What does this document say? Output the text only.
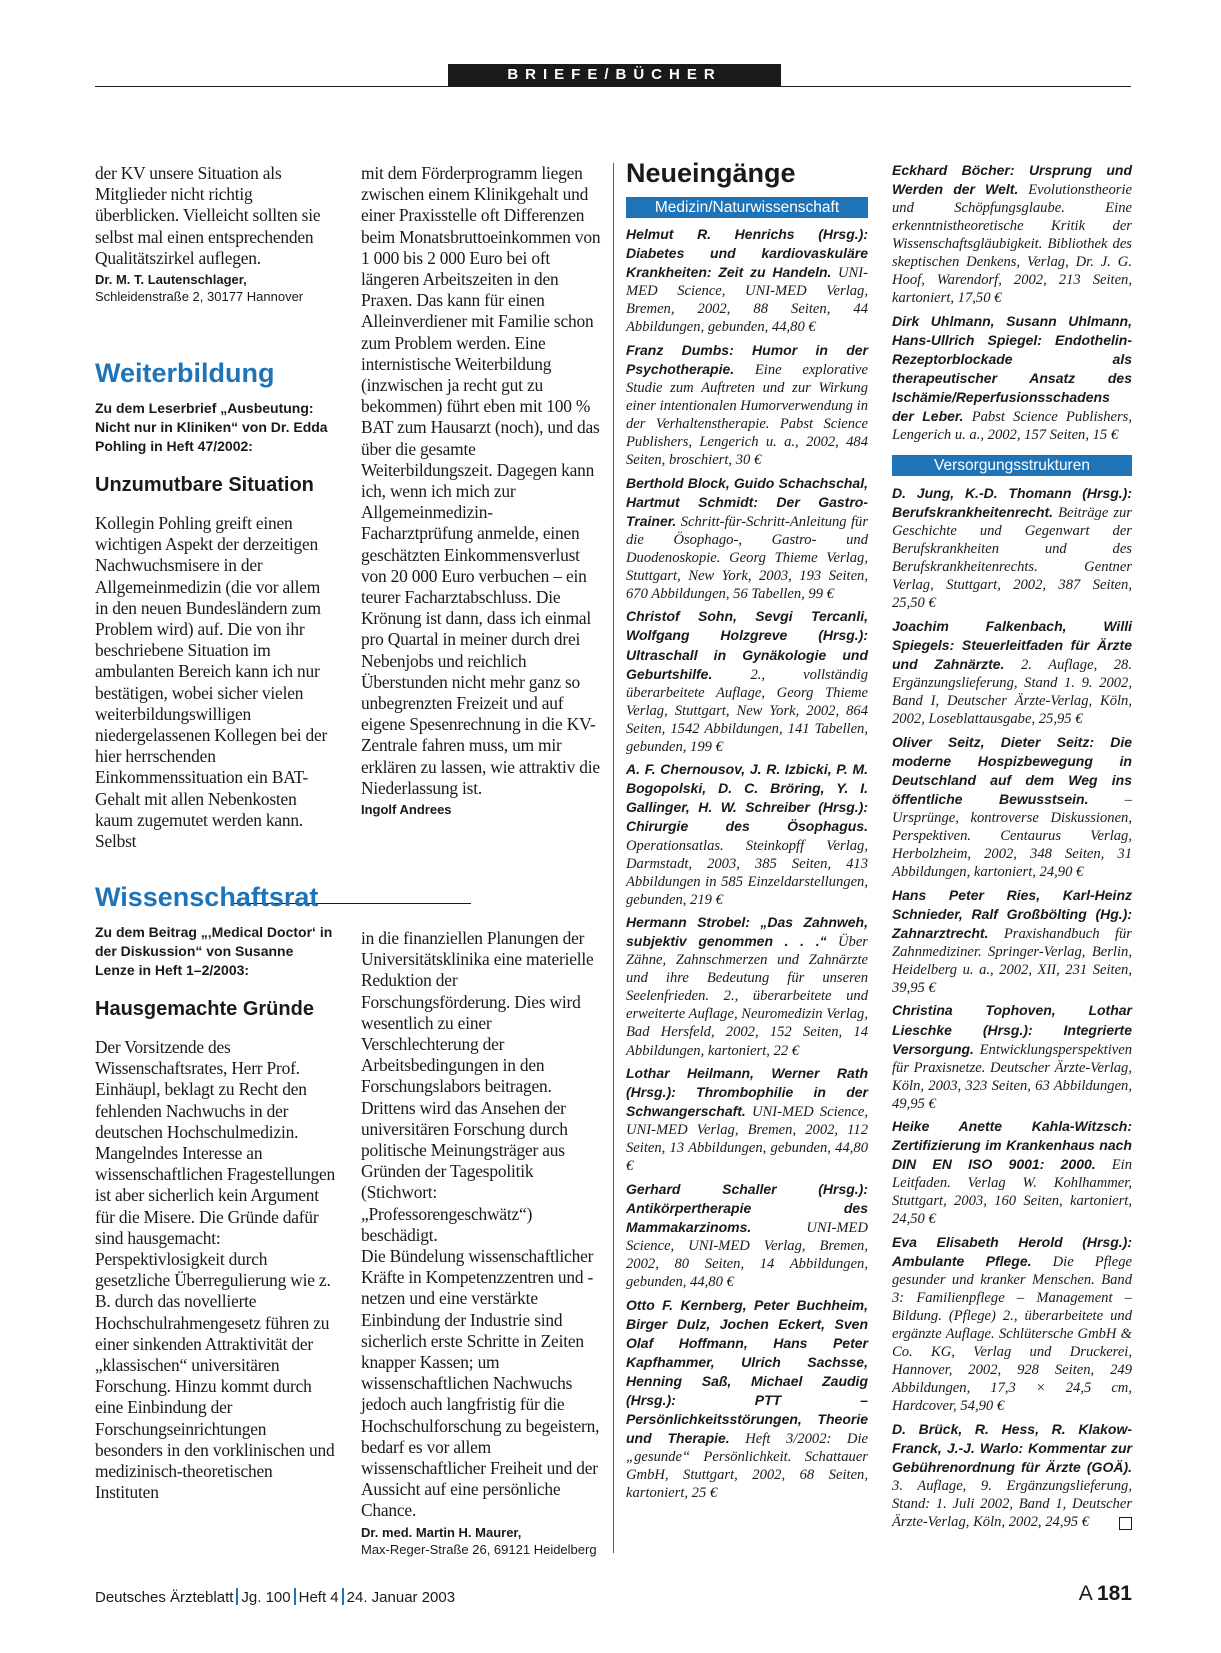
BRIEFE/BÜCHER

der KV unsere Situation als Mitglieder nicht richtig überblicken. Vielleicht sollten sie selbst mal einen entsprechenden Qualitätszirkel auflegen.

Dr. M. T. Lautenschlager,

Schleidenstraße 2, 30177 Hannover

Weiterbildung

Zu dem Leserbrief „Ausbeutung: Nicht nur in Kliniken“ von Dr. Edda Pohling in Heft 47/2002:

Unzumutbare Situation

Kollegin Pohling greift einen wichtigen Aspekt der derzeitigen Nachwuchsmisere in der Allgemeinmedizin (die vor allem in den neuen Bundesländern zum Problem wird) auf. Die von ihr beschriebene Situation im ambulanten Bereich kann ich nur bestätigen, wobei sicher vielen weiterbildungswilligen niedergelassenen Kollegen bei der hier herrschenden Einkommenssituation ein BAT-Gehalt mit allen Nebenkosten kaum zugemutet werden kann. Selbst

mit dem Förderprogramm liegen zwischen einem Klinikgehalt und einer Praxisstelle oft Differenzen beim Monatsbruttoeinkommen von 1 000 bis 2 000 Euro bei oft längeren Arbeitszeiten in den Praxen. Das kann für einen Alleinverdiener mit Familie schon zum Problem werden. Eine internistische Weiterbildung (inzwischen ja recht gut zu bekommen) führt eben mit 100 % BAT zum Hausarzt (noch), und das über die gesamte Weiterbildungszeit. Dagegen kann ich, wenn ich mich zur Allgemeinmedizin-Facharztprüfung anmelde, einen geschätzten Einkommensverlust von 20 000 Euro verbuchen – ein teurer Facharztabschluss. Die Krönung ist dann, dass ich einmal pro Quartal in meiner durch drei Nebenjobs und reichlich Überstunden nicht mehr ganz so unbegrenzten Freizeit und auf eigene Spesenrechnung in die KV-Zentrale fahren muss, um mir erklären zu lassen, wie attraktiv die Niederlassung ist.

Ingolf Andrees

Wissenschaftsrat

Zu dem Beitrag „‚Medical Doctor‘ in der Diskussion“ von Susanne Lenze in Heft 1–2/2003:

Hausgemachte Gründe

Der Vorsitzende des Wissenschaftsrates, Herr Prof. Einhäupl, beklagt zu Recht den fehlenden Nachwuchs in der deutschen Hochschulmedizin. Mangelndes Interesse an wissenschaftlichen Fragestellungen ist aber sicherlich kein Argument für die Misere. Die Gründe dafür sind hausgemacht: Perspektivlosigkeit durch gesetzliche Überregulierung wie z. B. durch das novellierte Hochschulrahmengesetz führen zu einer sinkenden Attraktivität der „klassischen“ universitären Forschung. Hinzu kommt durch eine Einbindung der Forschungseinrichtungen besonders in den vorklinischen und medizinisch-theoretischen Instituten

in die finanziellen Planungen der Universitätsklinika eine materielle Reduktion der Forschungsförderung. Dies wird wesentlich zu einer Verschlechterung der Arbeitsbedingungen in den Forschungslabors beitragen. Drittens wird das Ansehen der universitären Forschung durch politische Meinungsträger aus Gründen der Tagespolitik (Stichwort: „Professorengeschwätz“) beschädigt.

Die Bündelung wissenschaftlicher Kräfte in Kompetenzzentren und -netzen und eine verstärkte Einbindung der Industrie sind sicherlich erste Schritte in Zeiten knapper Kassen; um wissenschaftlichen Nachwuchs jedoch auch langfristig für die Hochschulforschung zu begeistern, bedarf es vor allem wissenschaftlicher Freiheit und der Aussicht auf eine persönliche Chance.

Dr. med. Martin H. Maurer,

Max-Reger-Straße 26, 69121 Heidelberg

Neueingänge

Medizin/Naturwissenschaft

Helmut R. Henrichs (Hrsg.): Diabetes und kardiovaskuläre Krankheiten: Zeit zu Handeln. UNI-MED Science, UNI-MED Verlag, Bremen, 2002, 88 Seiten, 44 Abbildungen, gebunden, 44,80 €

Franz Dumbs: Humor in der Psychotherapie. Eine explorative Studie zum Auftreten und zur Wirkung einer intentionalen Humorverwendung in der Verhaltenstherapie. Pabst Science Publishers, Lengerich u. a., 2002, 484 Seiten, broschiert, 30 €

Berthold Block, Guido Schachschal, Hartmut Schmidt: Der Gastro-Trainer. Schritt-für-Schritt-Anleitung für die Ösophago-, Gastro- und Duodenoskopie. Georg Thieme Verlag, Stuttgart, New York, 2003, 193 Seiten, 670 Abbildungen, 56 Tabellen, 99 €

Christof Sohn, Sevgi Tercanli, Wolfgang Holzgreve (Hrsg.): Ultraschall in Gynäkologie und Geburtshilfe. 2., vollständig überarbeitete Auflage, Georg Thieme Verlag, Stuttgart, New York, 2002, 864 Seiten, 1542 Abbildungen, 141 Tabellen, gebunden, 199 €

A. F. Chernousov, J. R. Izbicki, P. M. Bogopolski, D. C. Bröring, Y. I. Gallinger, H. W. Schreiber (Hrsg.): Chirurgie des Ösophagus. Operationsatlas. Steinkopff Verlag, Darmstadt, 2003, 385 Seiten, 413 Abbildungen in 585 Einzeldarstellungen, gebunden, 219 €

Hermann Strobel: „Das Zahnweh, subjektiv genommen . . .“ Über Zähne, Zahnschmerzen und Zahnärzte und ihre Bedeutung für unseren Seelenfrieden. 2., überarbeitete und erweiterte Auflage, Neuromedizin Verlag, Bad Hersfeld, 2002, 152 Seiten, 14 Abbildungen, kartoniert, 22 €

Lothar Heilmann, Werner Rath (Hrsg.): Thrombophilie in der Schwangerschaft. UNI-MED Science, UNI-MED Verlag, Bremen, 2002, 112 Seiten, 13 Abbildungen, gebunden, 44,80 €

Gerhard Schaller (Hrsg.): Antikörpertherapie des Mammakarzinoms. UNI-MED Science, UNI-MED Verlag, Bremen, 2002, 80 Seiten, 14 Abbildungen, gebunden, 44,80 €

Otto F. Kernberg, Peter Buchheim, Birger Dulz, Jochen Eckert, Sven Olaf Hoffmann, Hans Peter Kapfhammer, Ulrich Sachsse, Henning Saß, Michael Zaudig (Hrsg.): PTT – Persönlichkeitsstörungen, Theorie und Therapie. Heft 3/2002: Die „gesunde“ Persönlichkeit. Schattauer GmbH, Stuttgart, 2002, 68 Seiten, kartoniert, 25 €

Eckhard Böcher: Ursprung und Werden der Welt. Evolutionstheorie und Schöpfungsglaube. Eine erkenntnistheoretische Kritik der Wissenschaftsgläubigkeit. Bibliothek des skeptischen Denkens, Verlag, Dr. J. G. Hoof, Warendorf, 2002, 213 Seiten, kartoniert, 17,50 €

Dirk Uhlmann, Susann Uhlmann, Hans-Ullrich Spiegel: Endothelin-Rezeptorblockade als therapeutischer Ansatz des Ischämie/Reperfusionsschadens der Leber. Pabst Science Publishers, Lengerich u. a., 2002, 157 Seiten, 15 €

Versorgungsstrukturen

D. Jung, K.-D. Thomann (Hrsg.): Berufskrankheitenrecht. Beiträge zur Geschichte und Gegenwart der Berufskrankheiten und des Berufskrankheitenrechts. Gentner Verlag, Stuttgart, 2002, 387 Seiten, 25,50 €

Joachim Falkenbach, Willi Spiegels: Steuerleitfaden für Ärzte und Zahnärzte. 2. Auflage, 28. Ergänzungslieferung, Stand 1. 9. 2002, Band I, Deutscher Ärzte-Verlag, Köln, 2002, Loseblattausgabe, 25,95 €

Oliver Seitz, Dieter Seitz: Die moderne Hospizbewegung in Deutschland auf dem Weg ins öffentliche Bewusstsein. – Ursprünge, kontroverse Diskussionen, Perspektiven. Centaurus Verlag, Herbolzheim, 2002, 348 Seiten, 31 Abbildungen, kartoniert, 24,90 €

Hans Peter Ries, Karl-Heinz Schnieder, Ralf Großbölting (Hg.): Zahnarztrecht. Praxishandbuch für Zahnmediziner. Springer-Verlag, Berlin, Heidelberg u. a., 2002, XII, 231 Seiten, 39,95 €

Christina Tophoven, Lothar Lieschke (Hrsg.): Integrierte Versorgung. Entwicklungsperspektiven für Praxisnetze. Deutscher Ärzte-Verlag, Köln, 2003, 323 Seiten, 63 Abbildungen, 49,95 €

Heike Anette Kahla-Witzsch: Zertifizierung im Krankenhaus nach DIN EN ISO 9001: 2000. Ein Leitfaden. Verlag W. Kohlhammer, Stuttgart, 2003, 160 Seiten, kartoniert, 24,50 €

Eva Elisabeth Herold (Hrsg.): Ambulante Pflege. Die Pflege gesunder und kranker Menschen. Band 3: Familienpflege – Management – Bildung. (Pflege) 2., überarbeitete und ergänzte Auflage. Schlütersche GmbH & Co. KG, Verlag und Druckerei, Hannover, 2002, 928 Seiten, 249 Abbildungen, 17,3 × 24,5 cm, Hardcover, 54,90 €

D. Brück, R. Hess, R. Klakow-Franck, J.-J. Warlo: Kommentar zur Gebührenordnung für Ärzte (GOÄ). 3. Auflage, 9. Ergänzungslieferung, Stand: 1. Juli 2002, Band 1, Deutscher Ärzte-Verlag, Köln, 2002, 24,95 €

Deutsches Ärzteblatt Jg. 100 Heft 4 24. Januar 2003	A  181
